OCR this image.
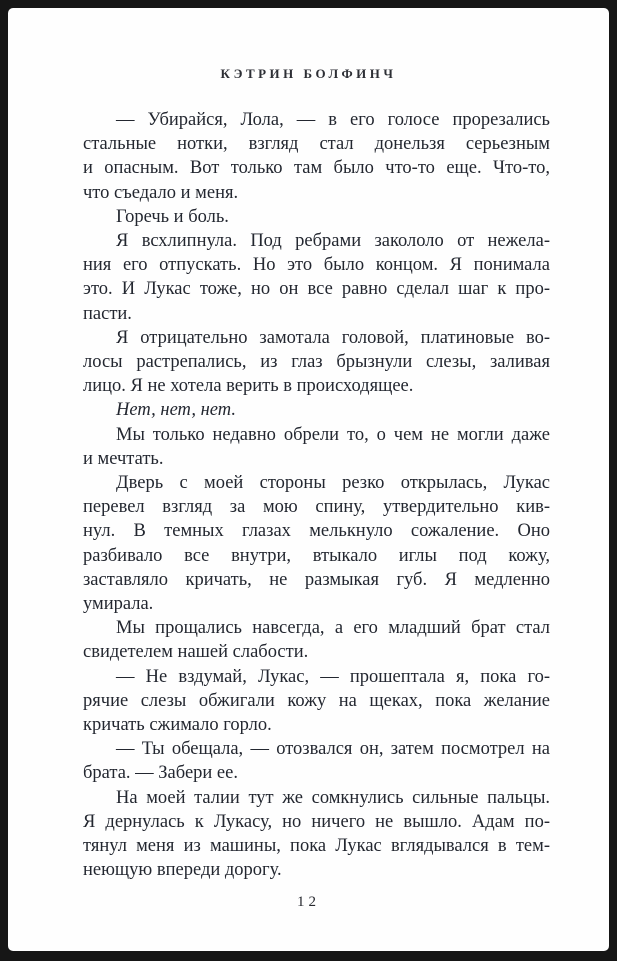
КЭТРИН БОЛФИНЧ
— Убирайся, Лола, — в его голосе прорезались
стальные нотки, взгляд стал донельзя серьезным
и опасным. Вот только там было что-то еще. Что-то,
что съедало и меня.
Горечь и боль.
Я всхлипнула. Под ребрами закололо от нежела-
ния его отпускать. Но это было концом. Я понимала
это. И Лукас тоже, но он все равно сделал шаг к про-
пасти.
Я отрицательно замотала головой, платиновые во-
лосы растрепались, из глаз брызнули слезы, заливая
лицо. Я не хотела верить в происходящее.
Нет, нет, нет.
Мы только недавно обрели то, о чем не могли даже
и мечтать.
Дверь с моей стороны резко открылась, Лукас
перевел взгляд за мою спину, утвердительно кив-
нул. В темных глазах мелькнуло сожаление. Оно
разбивало все внутри, втыкало иглы под кожу,
заставляло кричать, не размыкая губ. Я медленно
умирала.
Мы прощались навсегда, а его младший брат стал
свидетелем нашей слабости.
— Не вздумай, Лукас, — прошептала я, пока го-
рячие слезы обжигали кожу на щеках, пока желание
кричать сжимало горло.
— Ты обещала, — отозвался он, затем посмотрел на
брата. — Забери ее.
На моей талии тут же сомкнулись сильные пальцы.
Я дернулась к Лукасу, но ничего не вышло. Адам по-
тянул меня из машины, пока Лукас вглядывался в тем-
неющую впереди дорогу.
12
